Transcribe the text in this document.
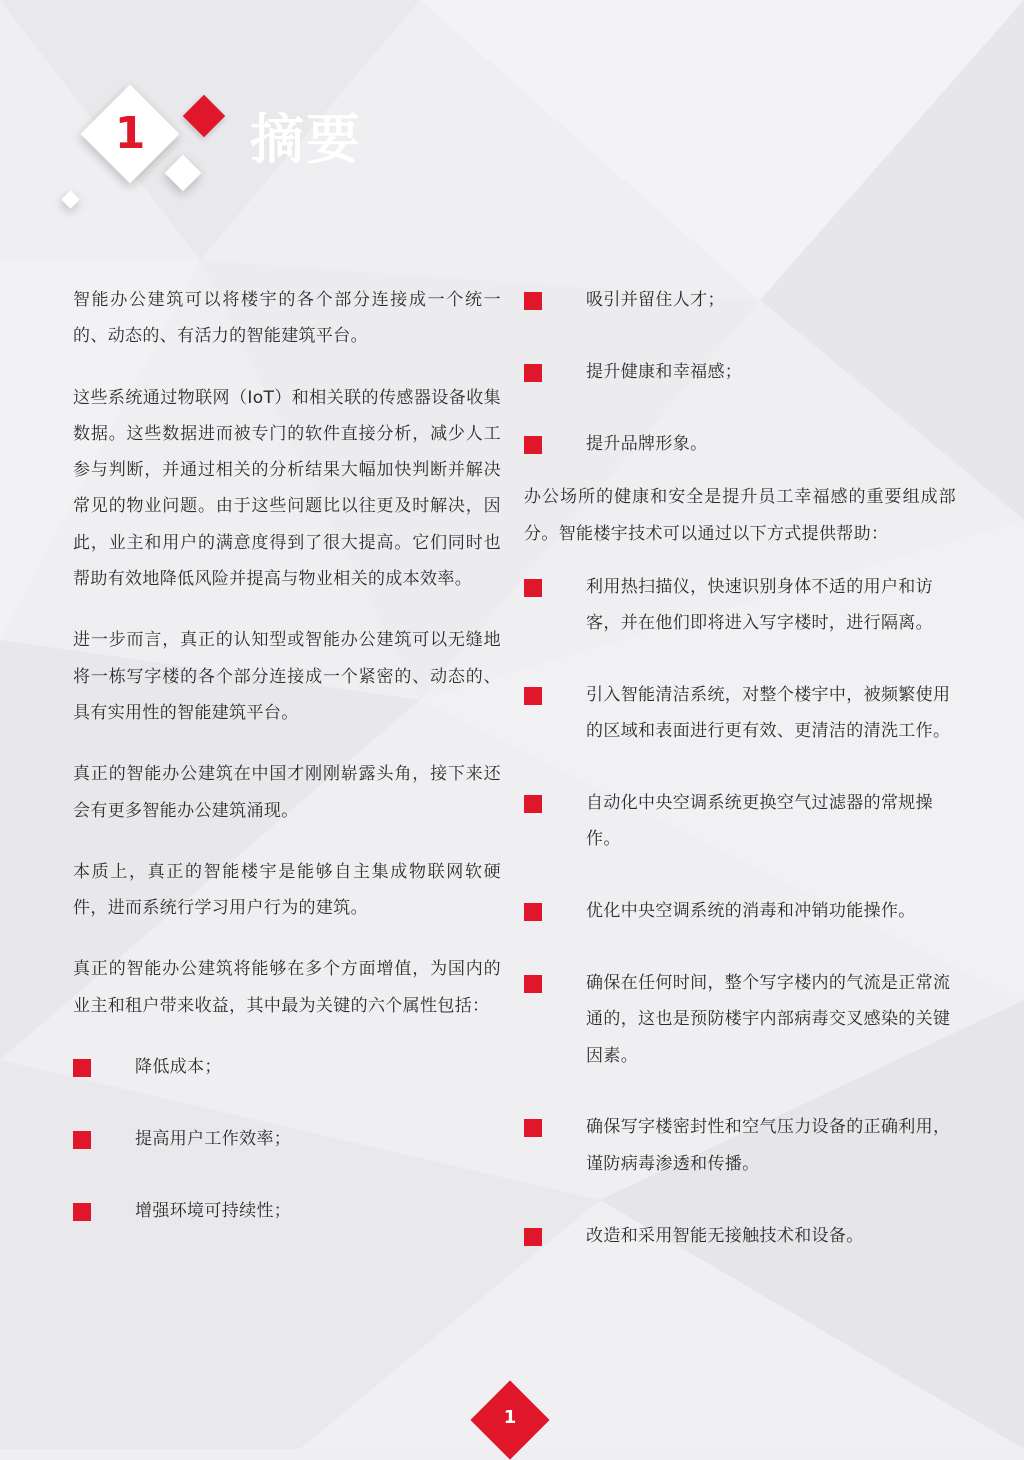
1 摘要

智能办公建筑可以将楼宇的各个部分连接成一个统一的、动态的、有活力的智能建筑平台。

这些系统通过物联网（IoT）和相关联的传感器设备收集数据。这些数据进而被专门的软件直接分析，减少人工参与判断，并通过相关的分析结果大幅加快判断并解决常见的物业问题。由于这些问题比以往更及时解决，因此，业主和用户的满意度得到了很大提高。它们同时也帮助有效地降低风险并提高与物业相关的成本效率。

进一步而言，真正的认知型或智能办公建筑可以无缝地将一栋写字楼的各个部分连接成一个紧密的、动态的、具有实用性的智能建筑平台。

真正的智能办公建筑在中国才刚刚崭露头角，接下来还会有更多智能办公建筑涌现。

本质上，真正的智能楼宇是能够自主集成物联网软硬件，进而系统行学习用户行为的建筑。

真正的智能办公建筑将能够在多个方面增值，为国内的业主和租户带来收益，其中最为关键的六个属性包括：

降低成本；
提高用户工作效率；
增强环境可持续性；
吸引并留住人才；
提升健康和幸福感；
提升品牌形象。

办公场所的健康和安全是提升员工幸福感的重要组成部分。智能楼宇技术可以通过以下方式提供帮助：

利用热扫描仪，快速识别身体不适的用户和访客，并在他们即将进入写字楼时，进行隔离。
引入智能清洁系统，对整个楼宇中，被频繁使用的区域和表面进行更有效、更清洁的清洗工作。
自动化中央空调系统更换空气过滤器的常规操作。
优化中央空调系统的消毒和冲销功能操作。
确保在任何时间，整个写字楼内的气流是正常流通的，这也是预防楼宇内部病毒交叉感染的关键因素。
确保写字楼密封性和空气压力设备的正确利用，谨防病毒渗透和传播。
改造和采用智能无接触技术和设备。
1
